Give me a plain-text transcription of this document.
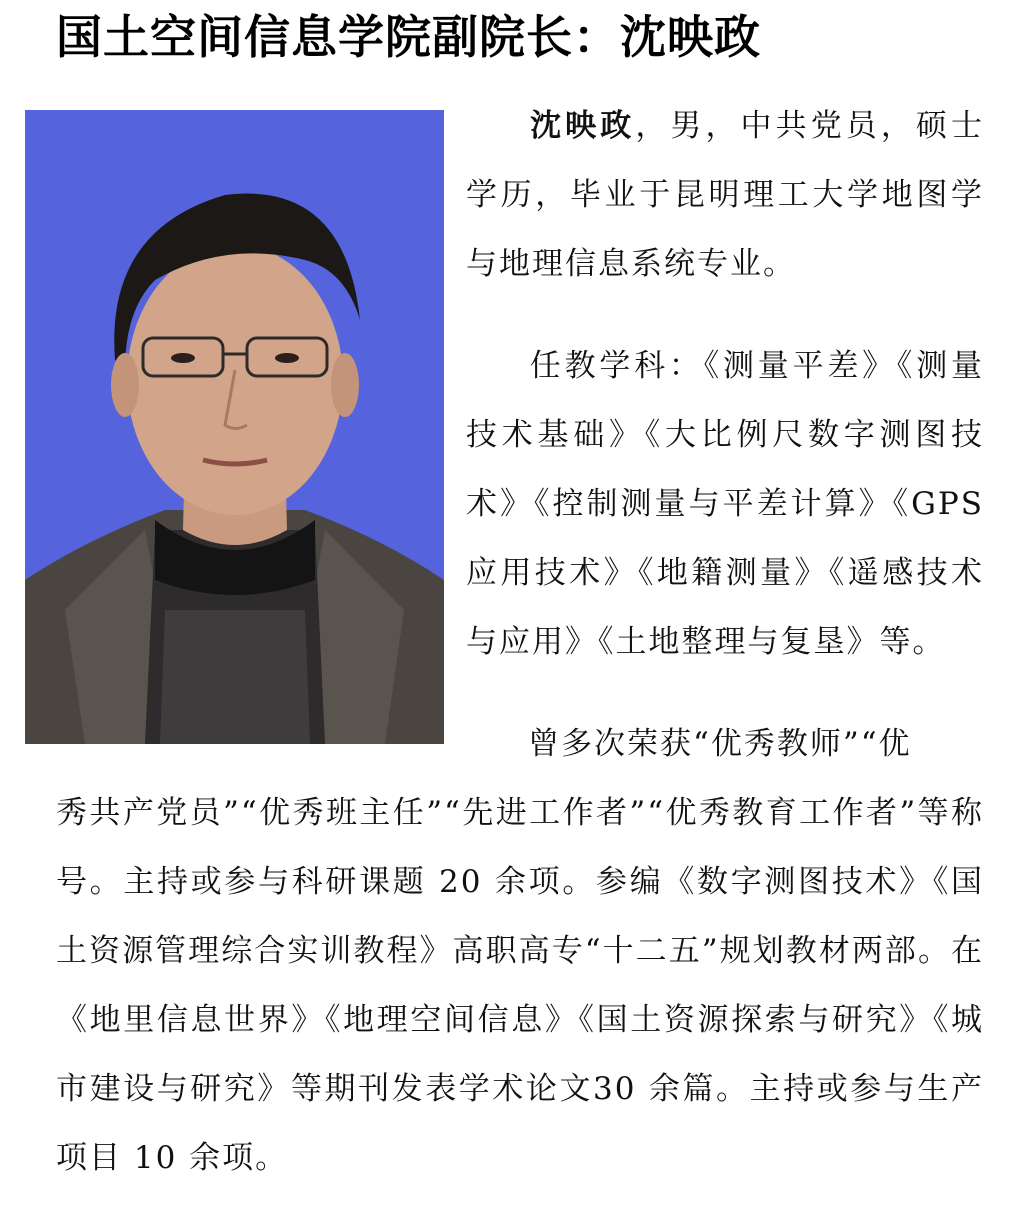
国土空间信息学院副院长：沈映政
沈映政，男，中共党员，硕士学历，毕业于昆明理工大学地图学与地理信息系统专业。
任教学科：《测量平差》《测量技术基础》《大比例尺数字测图技术》《控制测量与平差计算》《GPS应用技术》《地籍测量》《遥感技术与应用》《土地整理与复垦》等。
曾多次荣获“优秀教师”“优
秀共产党员”“优秀班主任”“先进工作者”“优秀教育工作者”等称号。主持或参与科研课题 20 余项。参编《数字测图技术》《国土资源管理综合实训教程》高职高专“十二五”规划教材两部。在《地里信息世界》《地理空间信息》《国土资源探索与研究》《城市建设与研究》等期刊发表学术论文30 余篇。主持或参与生产项目 10 余项。
